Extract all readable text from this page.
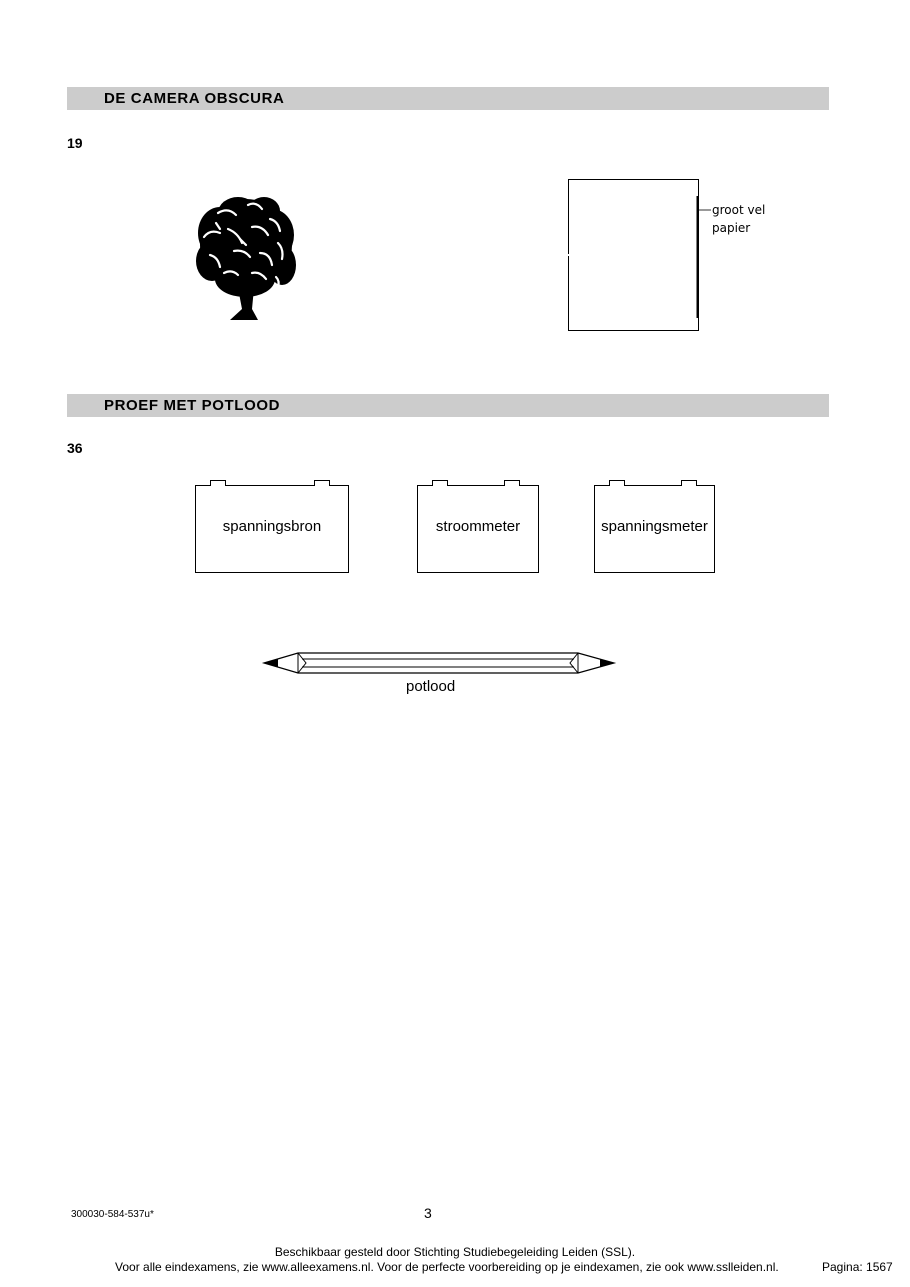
DE CAMERA OBSCURA
19
groot vel
papier
PROEF MET POTLOOD
36
spanningsbron	stroommeter	spanningsmeter
potlood
300030-584-537u*	3
Beschikbaar gesteld door Stichting Studiebegeleiding Leiden (SSL).
Voor alle eindexamens, zie www.alleexamens.nl. Voor de perfecte voorbereiding op je eindexamen, zie ook www.sslleiden.nl.	Pagina: 1567
